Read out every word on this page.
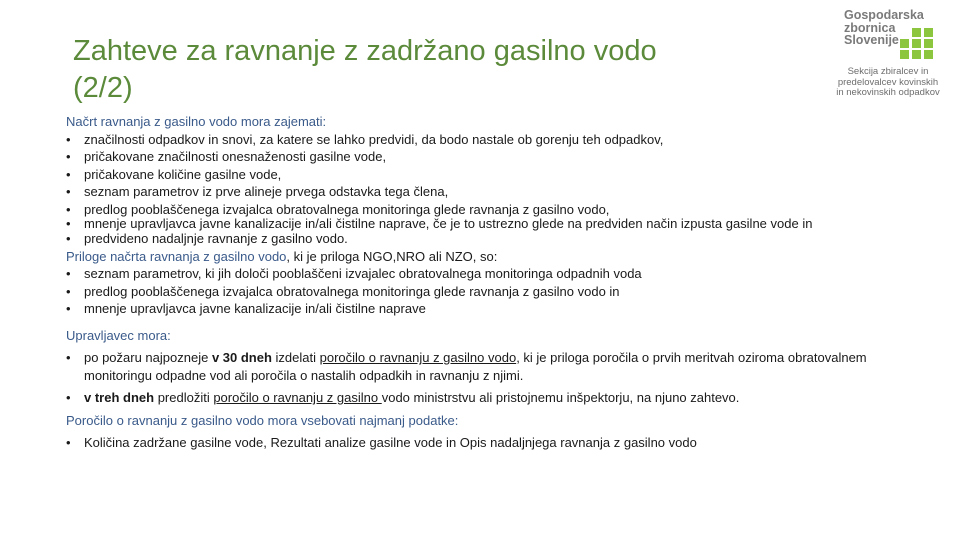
Zahteve za ravnanje z zadržano gasilno vodo
(2/2)
Gospodarska
zbornica
Slovenije
Sekcija zbiralcev in
predelovalcev kovinskih
in nekovinskih odpadkov
Načrt ravnanja z gasilno vodo mora zajemati:
• značilnosti odpadkov in snovi, za katere se lahko predvidi, da bodo nastale ob gorenju teh odpadkov,
• pričakovane značilnosti onesnaženosti gasilne vode,
• pričakovane količine gasilne vode,
• seznam parametrov iz prve alineje prvega odstavka tega člena,
• predlog pooblaščenega izvajalca obratovalnega monitoringa glede ravnanja z gasilno vodo,
• mnenje upravljavca javne kanalizacije in/ali čistilne naprave, če je to ustrezno glede na predviden način izpusta gasilne vode in
• predvideno nadaljnje ravnanje z gasilno vodo.
Priloge načrta ravnanja z gasilno vodo, ki je priloga NGO,NRO ali NZO, so:
• seznam parametrov, ki jih določi pooblaščeni izvajalec obratovalnega monitoringa odpadnih voda
• predlog pooblaščenega izvajalca obratovalnega monitoringa glede ravnanja z gasilno vodo in
• mnenje upravljavca javne kanalizacije in/ali čistilne naprave
Upravljavec mora:
• po požaru najpozneje v 30 dneh izdelati poročilo o ravnanju z gasilno vodo, ki je priloga poročila o prvih meritvah oziroma obratovalnem monitoringu odpadne vod ali poročila o nastalih odpadkih in ravnanju z njimi.
• v treh dneh predložiti poročilo o ravnanju z gasilno vodo ministrstvu ali pristojnemu inšpektorju, na njuno zahtevo.
Poročilo o ravnanju z gasilno vodo mora vsebovati najmanj podatke:
• Količina zadržane gasilne vode, Rezultati analize gasilne vode in Opis nadaljnjega ravnanja z gasilno vodo
